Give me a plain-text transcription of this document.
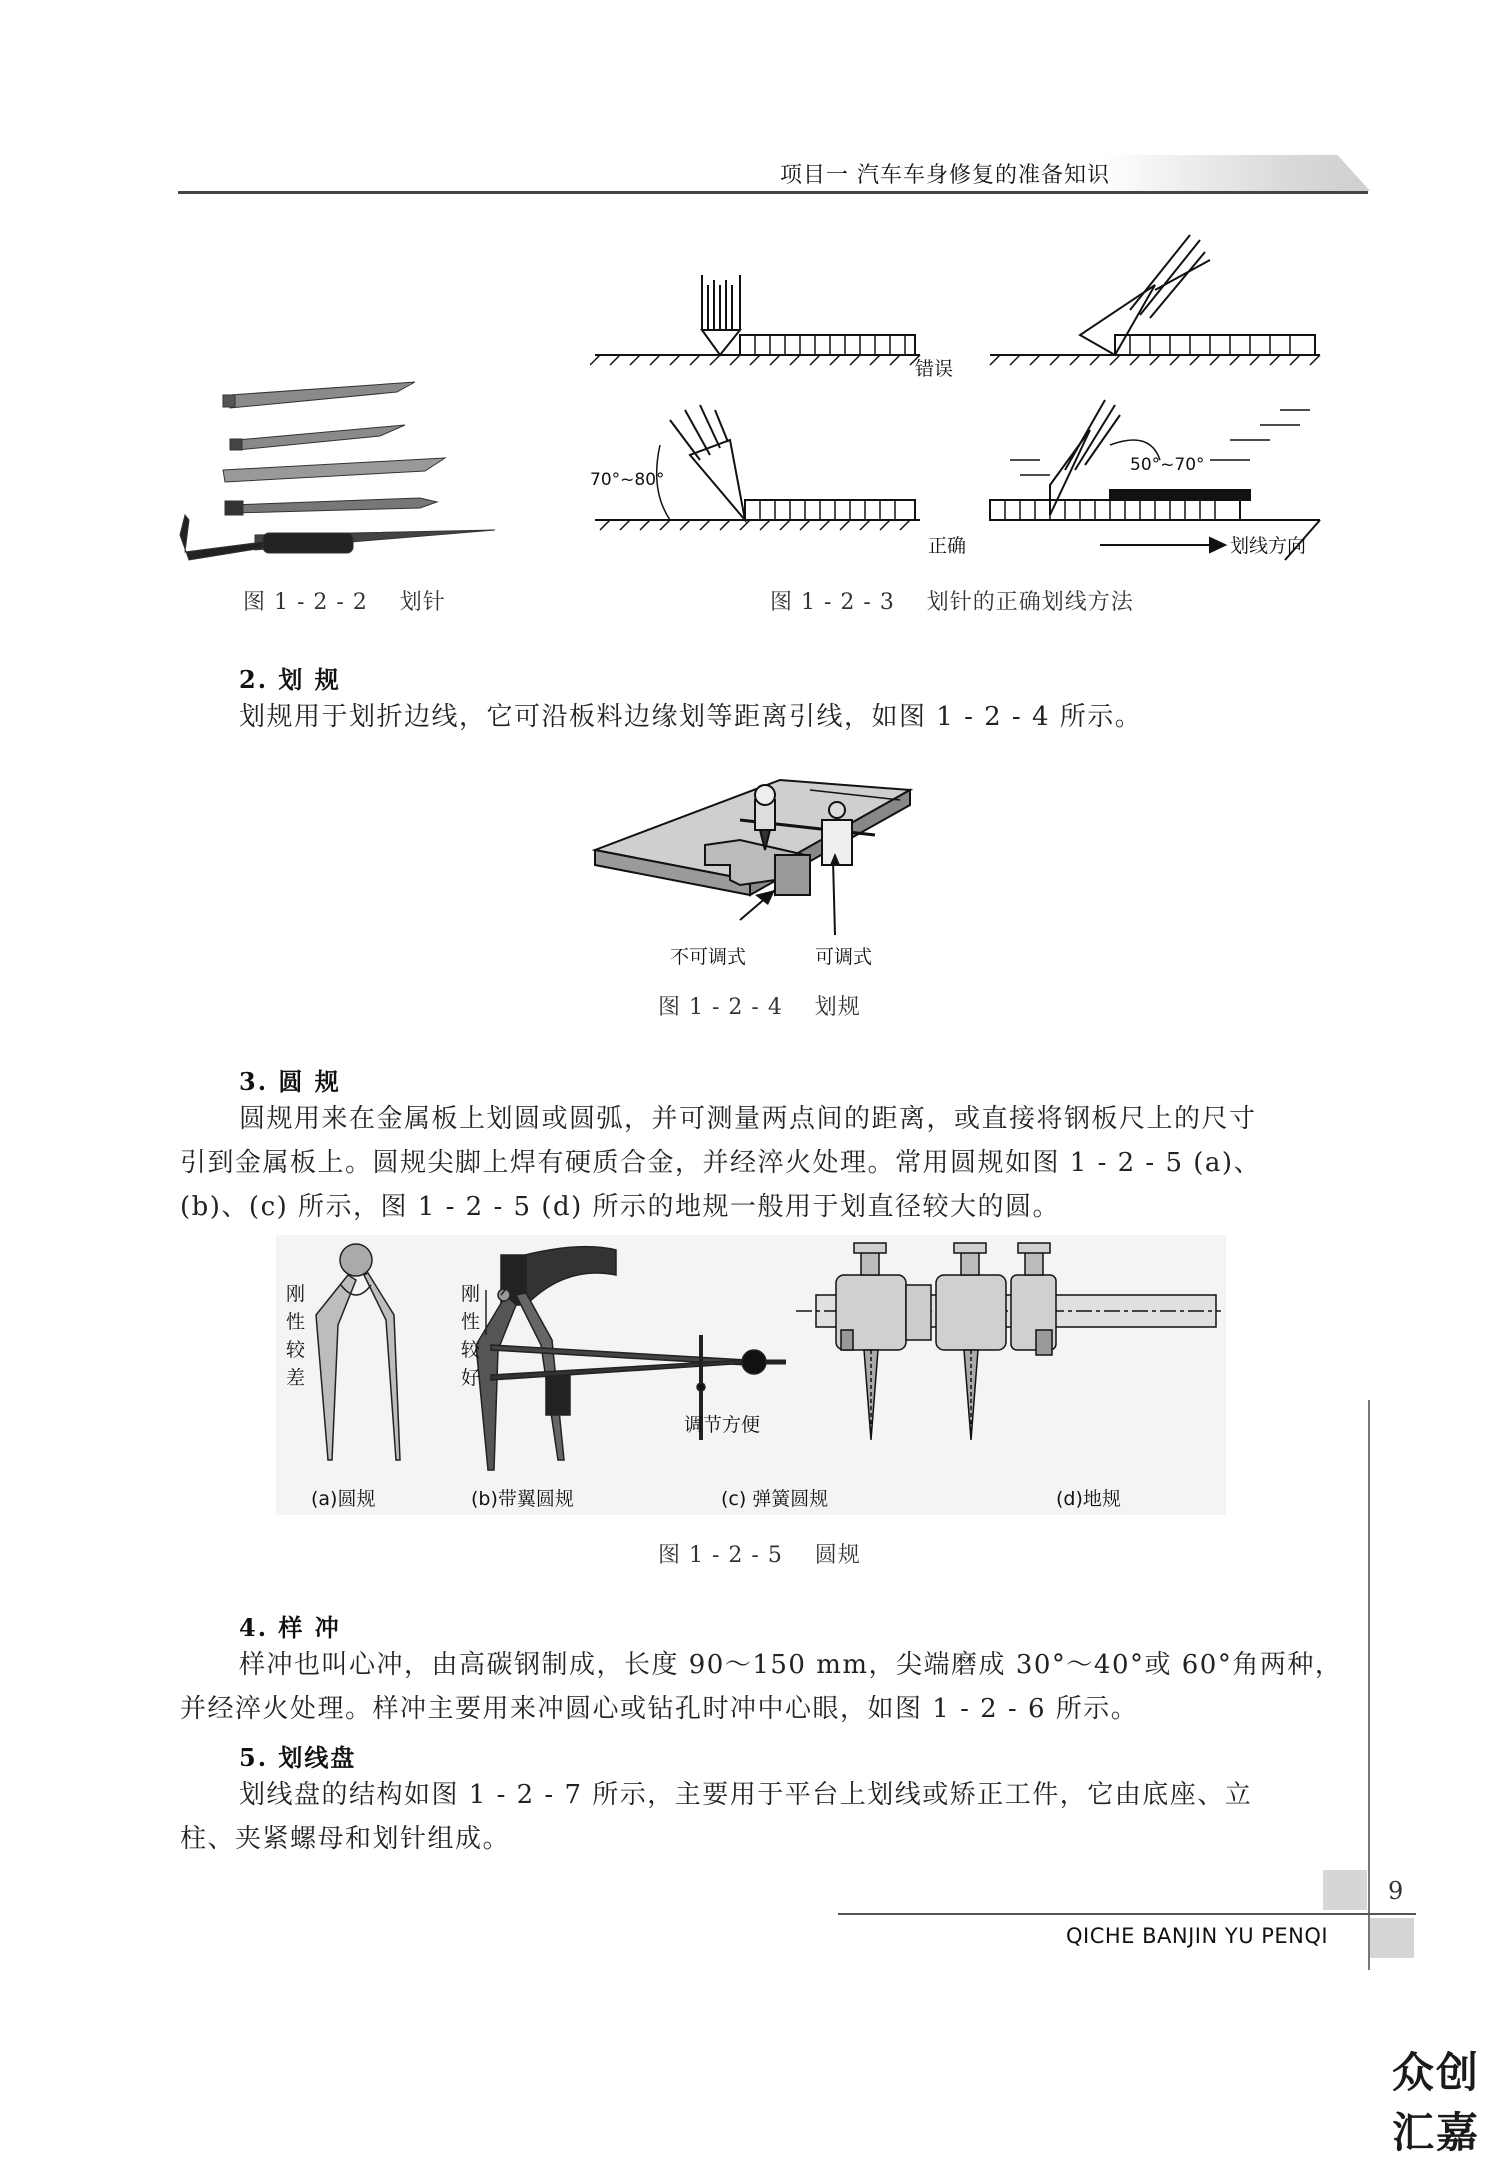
项目一 汽车车身修复的准备知识
图 1 - 2 - 2    划针
错误
70°~80°
50°~70°
正确	划线方向
图 1 - 2 - 3    划针的正确划线方法
2. 划 规
划规用于划折边线，它可沿板料边缘划等距离引线，如图 1 - 2 - 4 所示。
不可调式	可调式
图 1 - 2 - 4    划规
3. 圆 规
圆规用来在金属板上划圆或圆弧，并可测量两点间的距离，或直接将钢板尺上的尺寸
引到金属板上。圆规尖脚上焊有硬质合金，并经淬火处理。常用圆规如图 1 - 2 - 5 (a)、
(b)、(c) 所示，图 1 - 2 - 5 (d) 所示的地规一般用于划直径较大的圆。
刚
性
较
差
刚
性
较
好
调节方便
(a)圆规	(b)带翼圆规	(c) 弹簧圆规	(d)地规
图 1 - 2 - 5    圆规
4. 样 冲
样冲也叫心冲，由高碳钢制成，长度 90～150 mm，尖端磨成 30°～40°或 60°角两种，
并经淬火处理。样冲主要用来冲圆心或钻孔时冲中心眼，如图 1 - 2 - 6 所示。
5. 划线盘
划线盘的结构如图 1 - 2 - 7 所示，主要用于平台上划线或矫正工件，它由底座、立
柱、夹紧螺母和划针组成。
9
QICHE BANJIN YU PENQI
众创汇嘉
